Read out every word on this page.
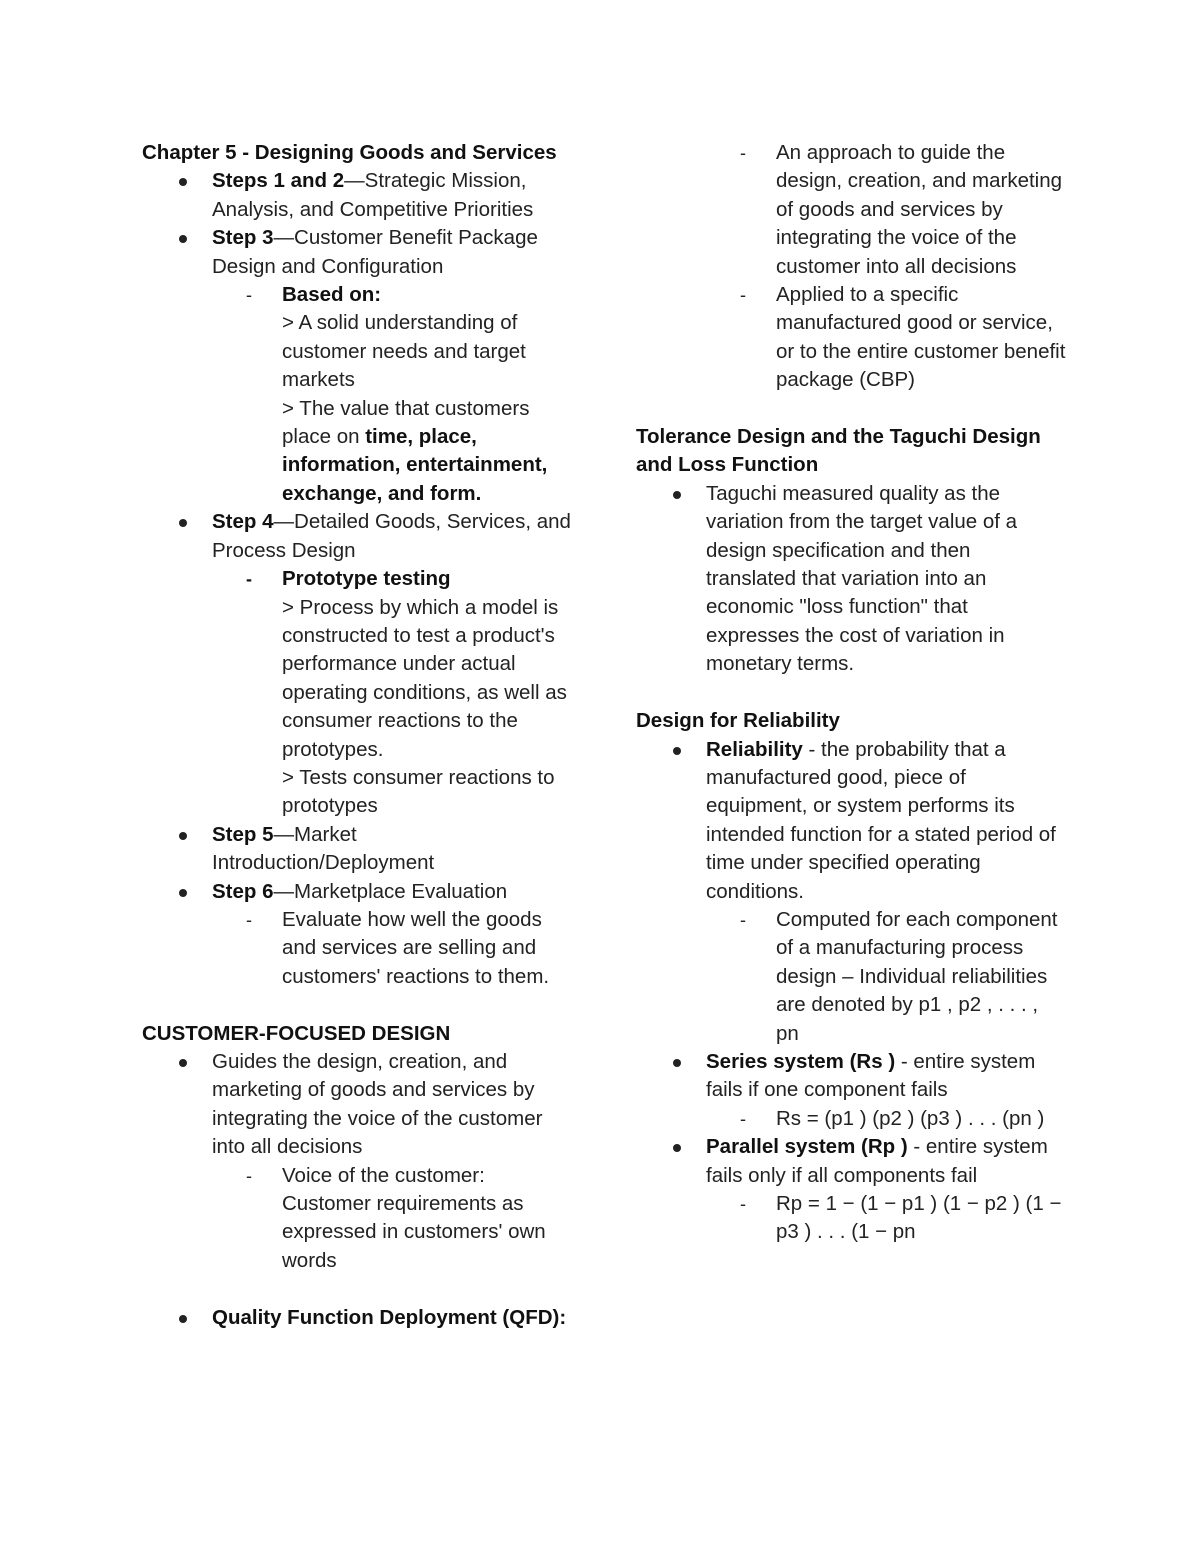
Chapter 5 - Designing Goods and Services

Steps 1 and 2—Strategic Mission, Analysis, and Competitive Priorities
Step 3—Customer Benefit Package Design and Configuration
- Based on:
> A solid understanding of customer needs and target markets
> The value that customers place on time, place, information, entertainment, exchange, and form.
Step 4—Detailed Goods, Services, and Process Design
- Prototype testing
> Process by which a model is constructed to test a product's performance under actual operating conditions, as well as consumer reactions to the prototypes.
> Tests consumer reactions to prototypes
Step 5—Market Introduction/Deployment
Step 6—Marketplace Evaluation
- Evaluate how well the goods and services are selling and customers' reactions to them.

CUSTOMER-FOCUSED DESIGN

Guides the design, creation, and marketing of goods and services by integrating the voice of the customer into all decisions
- Voice of the customer: Customer requirements as expressed in customers' own words
Quality Function Deployment (QFD):
- An approach to guide the design, creation, and marketing of goods and services by integrating the voice of the customer into all decisions
- Applied to a specific manufactured good or service, or to the entire customer benefit package (CBP)

Tolerance Design and the Taguchi Design and Loss Function

Taguchi measured quality as the variation from the target value of a design specification and then translated that variation into an economic "loss function" that expresses the cost of variation in monetary terms.

Design for Reliability

Reliability - the probability that a manufactured good, piece of equipment, or system performs its intended function for a stated period of time under specified operating conditions.
- Computed for each component of a manufacturing process design – Individual reliabilities are denoted by p1 , p2 , . . . , pn
Series system (Rs ) - entire system fails if one component fails
- Rs = (p1 ) (p2 ) (p3 ) . . . (pn )
Parallel system (Rp ) - entire system fails only if all components fail
- Rp = 1 − (1 − p1 ) (1 − p2 ) (1 − p3 ) . . . (1 − pn
